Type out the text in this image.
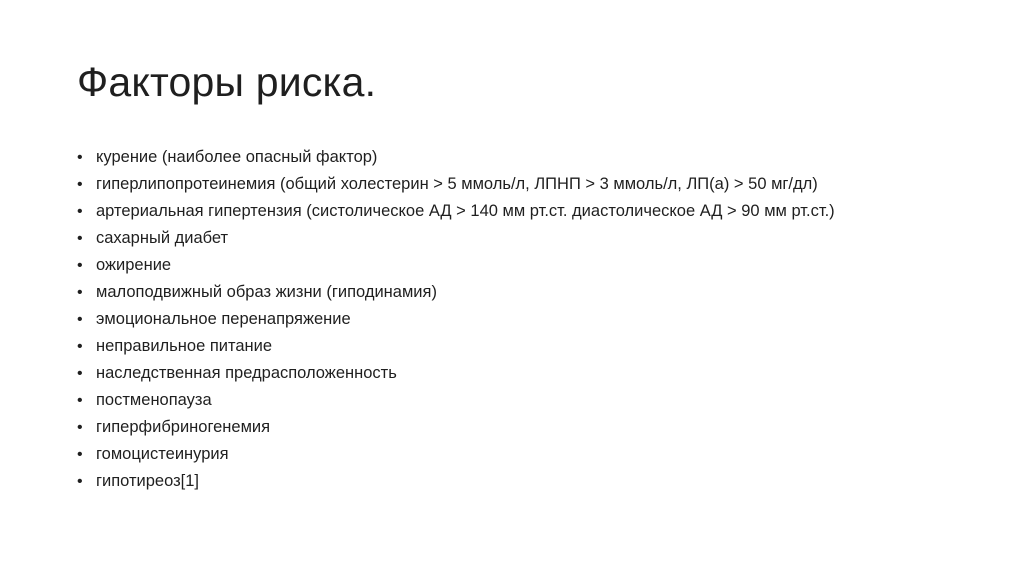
Факторы риска.
• курение (наиболее опасный фактор)
• гиперлипопротеинемия (общий холестерин > 5 ммоль/л, ЛПНП > 3 ммоль/л, ЛП(а) > 50 мг/дл)
• артериальная гипертензия (систолическое АД > 140 мм рт.ст. диастолическое АД > 90 мм рт.ст.)
• сахарный диабет
• ожирение
• малоподвижный образ жизни (гиподинамия)
• эмоциональное перенапряжение
• неправильное питание
• наследственная предрасположенность
• постменопауза
• гиперфибриногенемия
• гомоцистеинурия
• гипотиреоз[1]
